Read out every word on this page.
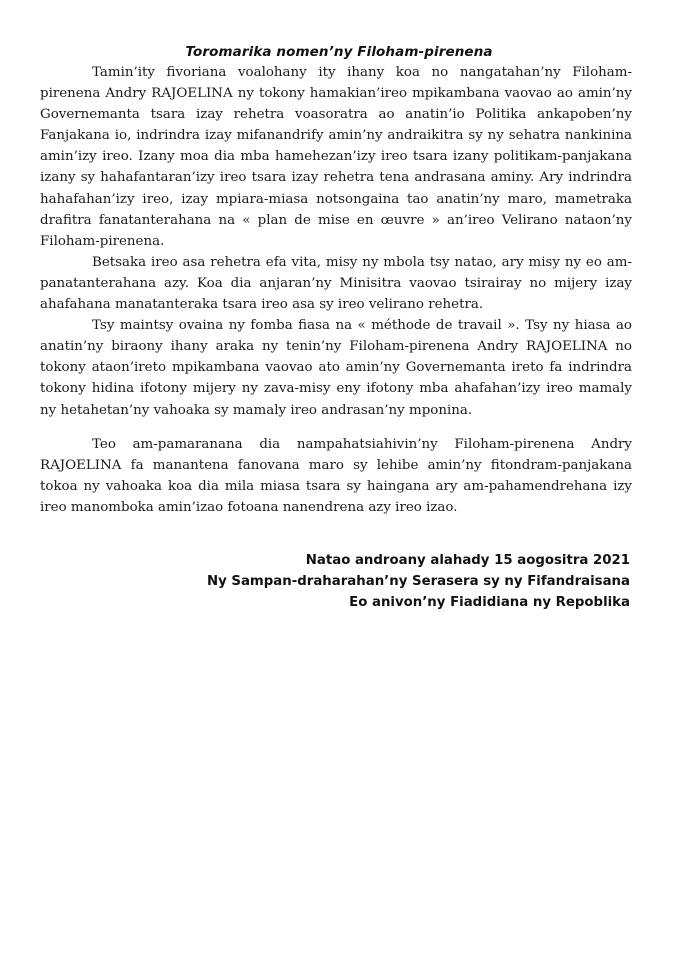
Toromarika nomen’ny Filoham-pirenena

Tamin’ity fivoriana voalohany ity ihany koa no nangatahan’ny Filoham-pirenena Andry RAJOELINA ny tokony hamakian’ireo mpikambana vaovao ao amin’ny Governemanta tsara izay rehetra voasoratra ao anatin’io Politika ankapoben’ny Fanjakana io, indrindra izay mifanandrify amin’ny andraikitra sy ny sehatra nankinina amin’izy ireo. Izany moa dia mba hamehezan’izy ireo tsara izany politikam-panjakana izany sy hahafantaran’izy ireo tsara izay rehetra tena andrasana aminy. Ary indrindra hahafahan’izy ireo, izay mpiara-miasa notsongaina tao anatin’ny maro, mametraka drafitra fanatanterahana na « plan de mise en œuvre » an’ireo Velirano nataon’ny Filoham-pirenena.

Betsaka ireo asa rehetra efa vita, misy ny mbola tsy natao, ary misy ny eo am-panatanterahana azy. Koa dia anjaran’ny Minisitra vaovao tsirairay no mijery izay ahafahana manatanteraka tsara ireo asa sy ireo velirano rehetra.

Tsy maintsy ovaina ny fomba fiasa na « méthode de travail ». Tsy ny hiasa ao anatin’ny biraony ihany araka ny tenin’ny Filoham-pirenena Andry RAJOELINA no tokony ataon’ireto mpikambana vaovao ato amin’ny Governemanta ireto fa indrindra tokony hidina ifotony mijery ny zava-misy eny ifotony mba ahafahan’izy ireo mamaly ny hetahetan’ny vahoaka sy mamaly ireo andrasan’ny mponina.

Teo am-pamaranana dia nampahatsiahivin’ny Filoham-pirenena Andry RAJOELINA fa manantena fanovana maro sy lehibe amin’ny fitondram-panjakana tokoa ny vahoaka koa dia mila miasa tsara sy haingana ary am-pahamendrehana izy ireo manomboka amin’izao fotoana nanendrena azy ireo izao.

Natao androany alahady 15 aogositra 2021
Ny Sampan-draharahan’ny Serasera sy ny Fifandraisana
Eo anivon’ny Fiadidiana ny Repoblika
